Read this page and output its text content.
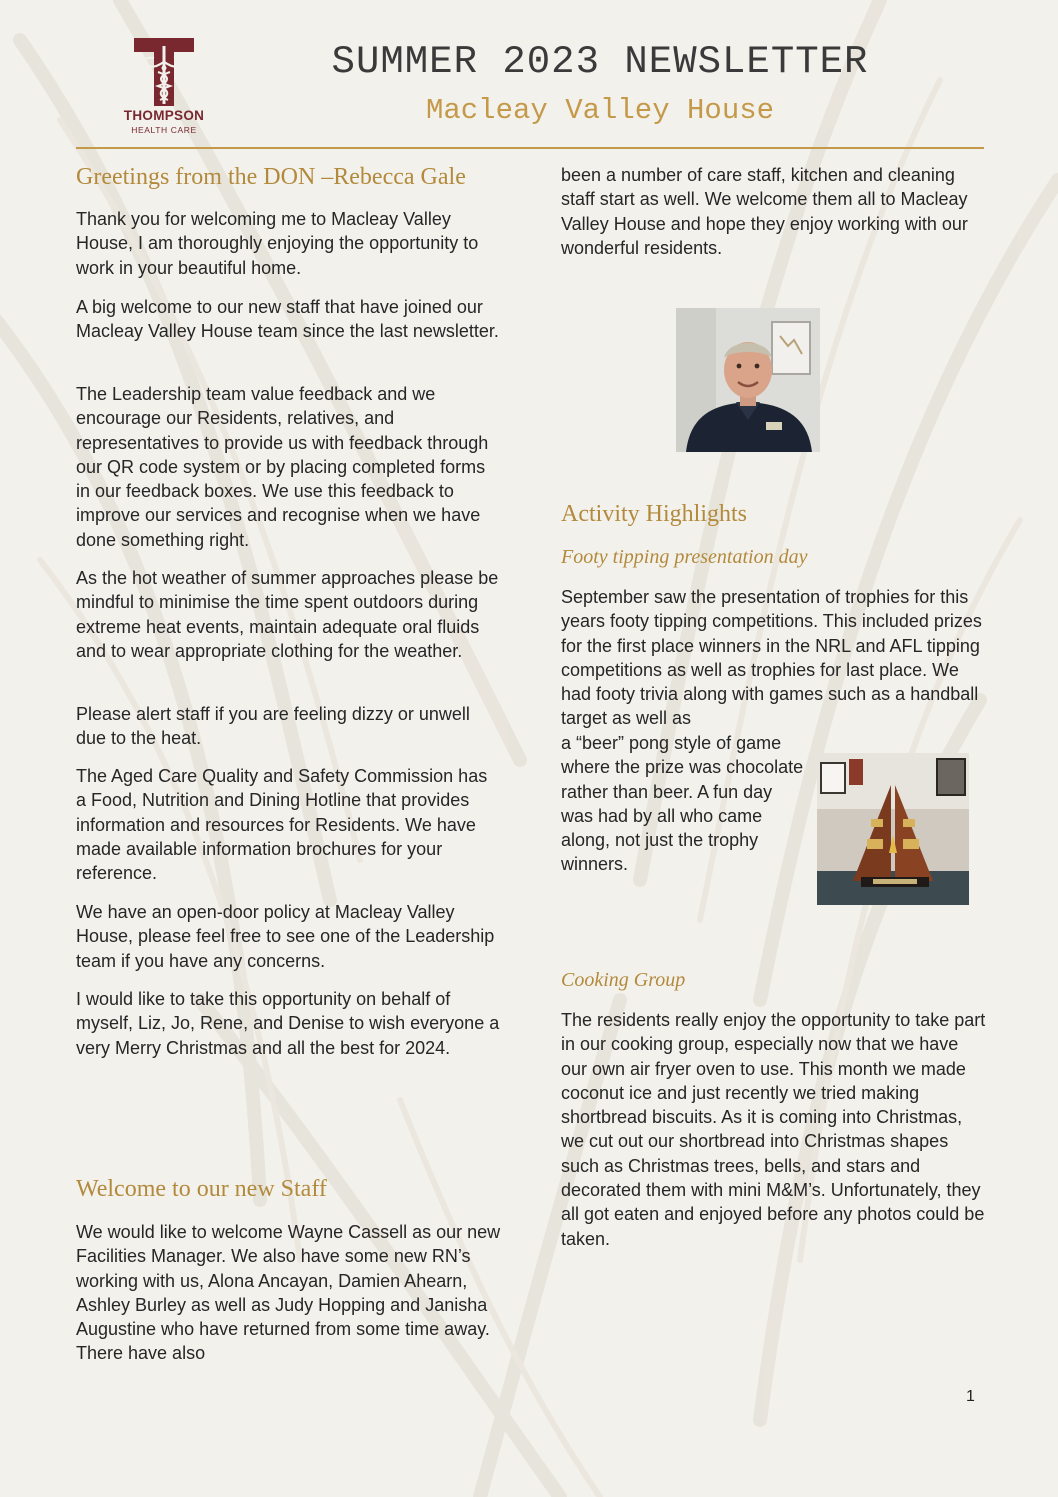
THOMPSON
HEALTH CARE
SUMMER 2023 NEWSLETTER
Macleay Valley House
Greetings from the DON –Rebecca Gale

Thank you for welcoming me to Macleay Valley House, I am thoroughly enjoying the opportunity to work in your beautiful home.

A big welcome to our new staff that have joined our Macleay Valley House team since the last newsletter.

The Leadership team value feedback and we encourage our Residents, relatives, and representatives to provide us with feedback through our QR code system or by placing completed forms in our feedback boxes. We use this feedback to improve our services and recognise when we have done something right.

As the hot weather of summer approaches please be mindful to minimise the time spent outdoors during extreme heat events, maintain adequate oral fluids and to wear appropriate clothing for the weather.

Please alert staff if you are feeling dizzy or unwell due to the heat.

The Aged Care Quality and Safety Commission has a Food, Nutrition and Dining Hotline that provides information and resources for Residents. We have made available information brochures for your reference.

We have an open-door policy at Macleay Valley House, please feel free to see one of the Leadership team if you have any concerns.

I would like to take this opportunity on behalf of myself, Liz, Jo, Rene, and Denise to wish everyone a very Merry Christmas and all the best for 2024.

Welcome to our new Staff

We would like to welcome Wayne Cassell as our new Facilities Manager. We also have some new RN’s working with us, Alona Ancayan, Damien Ahearn, Ashley Burley as well as Judy Hopping and Janisha Augustine who have returned from some time away. There have also

been a number of care staff, kitchen and cleaning staff start as well. We welcome them all to Macleay Valley House and hope they enjoy working with our wonderful residents.

Activity Highlights
Footy tipping presentation day

September saw the presentation of trophies for this years footy tipping competitions. This included prizes for the first place winners in the NRL and AFL tipping competitions as well as trophies for last place. We had footy trivia along with games such as a handball target as well as

a “beer” pong style of game where the prize was chocolate rather than beer. A fun day was had by all who came along, not just the trophy winners.

Cooking Group

The residents really enjoy the opportunity to take part in our cooking group, especially now that we have our own air fryer oven to use. This month we made coconut ice and just recently we tried making shortbread biscuits. As it is coming into Christmas, we cut out our shortbread into Christmas shapes such as Christmas trees, bells, and stars and decorated them with mini M&M’s. Unfortunately, they all got eaten and enjoyed before any photos could be taken.

1
